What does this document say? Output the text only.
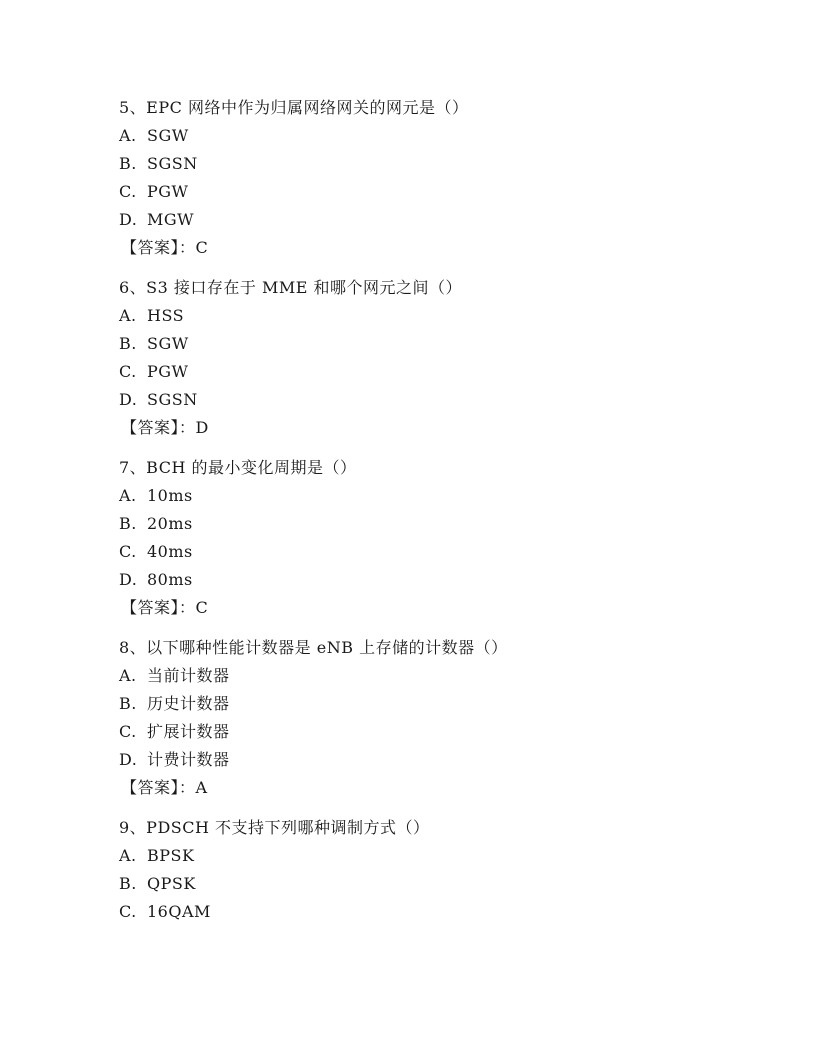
5、EPC 网络中作为归属网络网关的网元是（）
A. SGW
B. SGSN
C. PGW
D. MGW
【答案】：C
6、S3 接口存在于 MME 和哪个网元之间（）
A. HSS
B. SGW
C. PGW
D. SGSN
【答案】：D
7、BCH 的最小变化周期是（）
A. 10ms
B. 20ms
C. 40ms
D. 80ms
【答案】：C
8、以下哪种性能计数器是 eNB 上存储的计数器（）
A. 当前计数器
B. 历史计数器
C. 扩展计数器
D. 计费计数器
【答案】：A
9、PDSCH 不支持下列哪种调制方式（）
A. BPSK
B. QPSK
C. 16QAM
